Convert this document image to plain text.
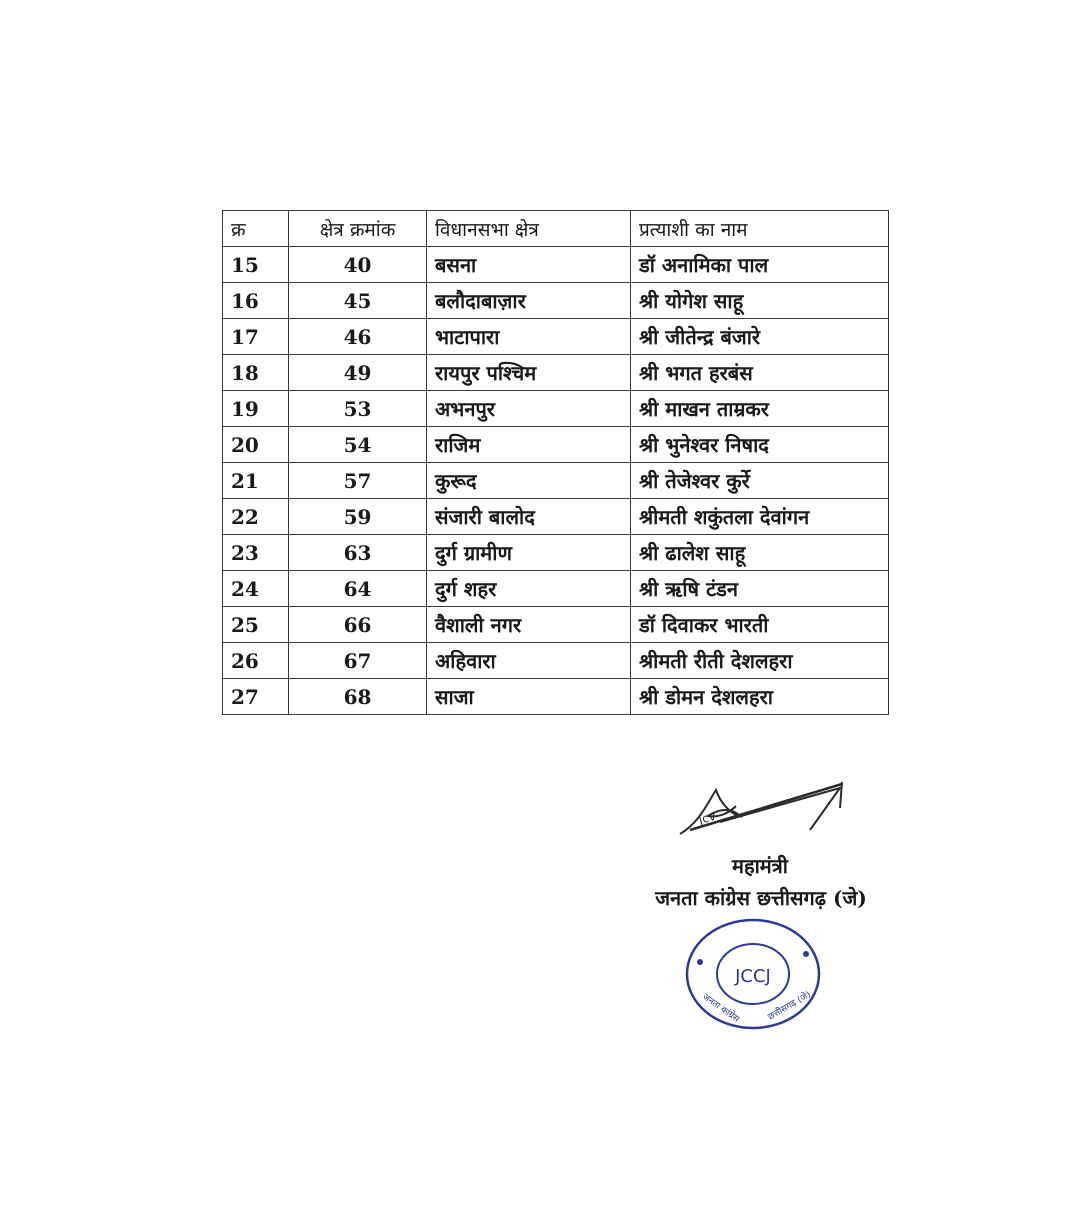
क्र	क्षेत्र क्रमांक	विधानसभा क्षेत्र	प्रत्याशी का नाम
15	40	बसना	डॉ अनामिका पाल
16	45	बलौदाबाज़ार	श्री योगेश साहू
17	46	भाटापारा	श्री जीतेन्द्र बंजारे
18	49	रायपुर पश्चिम	श्री भगत हरबंस
19	53	अभनपुर	श्री माखन ताम्रकर
20	54	राजिम	श्री भुनेश्वर निषाद
21	57	कुरूद	श्री तेजेश्वर कुर्रे
22	59	संजारी बालोद	श्रीमती शकुंतला देवांगन
23	63	दुर्ग ग्रामीण	श्री ढालेश साहू
24	64	दुर्ग शहर	श्री ऋषि टंडन
25	66	वैशाली नगर	डॉ दिवाकर भारती
26	67	अहिवारा	श्रीमती रीती देशलहरा
27	68	साजा	श्री डोमन देशलहरा
jcv
महामंत्री
जनता कांग्रेस छत्तीसगढ़ (जे)
JCCJ
जनता कांग्रेस	छत्तीसगढ़ (जे)
